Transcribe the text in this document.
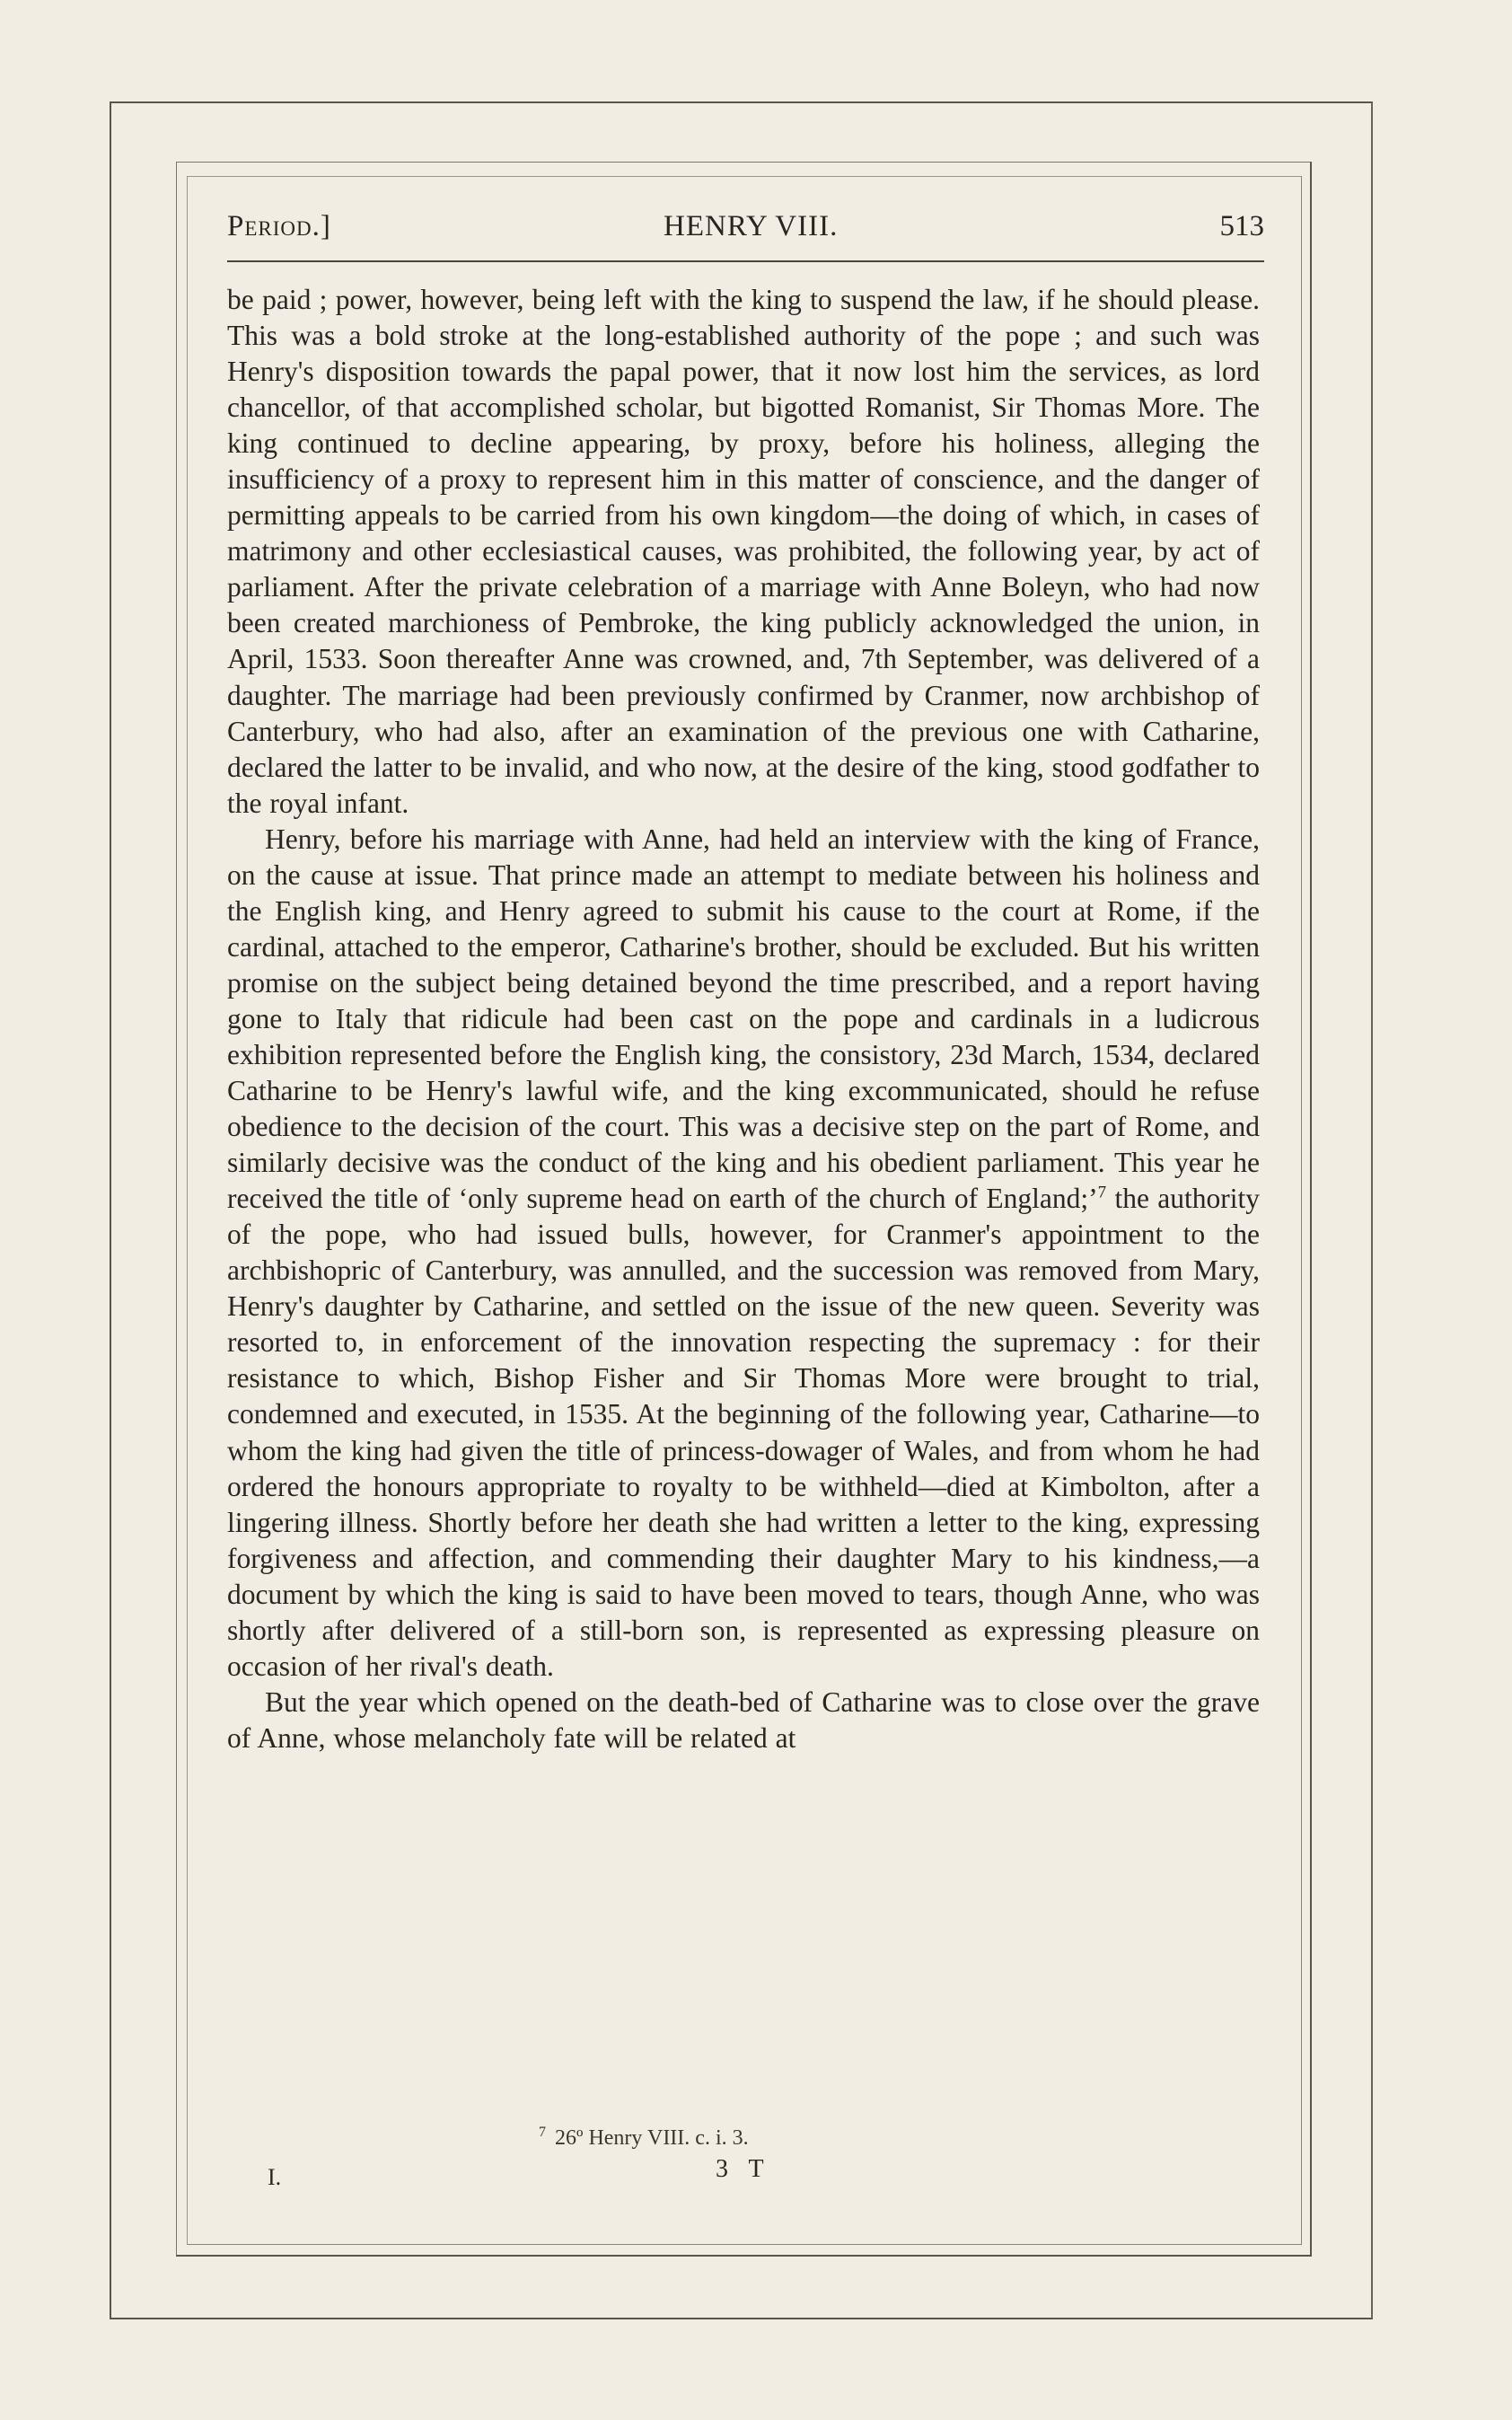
Period.]	HENRY VIII.	513

be paid ; power, however, being left with the king to suspend the law, if he should please. This was a bold stroke at the long-established authority of the pope ; and such was Henry's disposition towards the papal power, that it now lost him the services, as lord chancellor, of that accomplished scholar, but bigotted Romanist, Sir Thomas More. The king continued to decline appearing, by proxy, before his holiness, alleging the insufficiency of a proxy to represent him in this matter of conscience, and the danger of permitting appeals to be carried from his own kingdom—the doing of which, in cases of matrimony and other ecclesiastical causes, was prohibited, the following year, by act of parliament. After the private celebration of a marriage with Anne Boleyn, who had now been created marchioness of Pembroke, the king publicly acknowledged the union, in April, 1533. Soon thereafter Anne was crowned, and, 7th September, was delivered of a daughter. The marriage had been previously confirmed by Cranmer, now archbishop of Canterbury, who had also, after an examination of the previous one with Catharine, declared the latter to be invalid, and who now, at the desire of the king, stood godfather to the royal infant.

Henry, before his marriage with Anne, had held an interview with the king of France, on the cause at issue. That prince made an attempt to mediate between his holiness and the English king, and Henry agreed to submit his cause to the court at Rome, if the cardinal, attached to the emperor, Catharine's brother, should be excluded. But his written promise on the subject being detained beyond the time prescribed, and a report having gone to Italy that ridicule had been cast on the pope and cardinals in a ludicrous exhibition represented before the English king, the consistory, 23d March, 1534, declared Catharine to be Henry's lawful wife, and the king excommunicated, should he refuse obedience to the decision of the court. This was a decisive step on the part of Rome, and similarly decisive was the conduct of the king and his obedient parliament. This year he received the title of ‘only supreme head on earth of the church of England;’$^7$ the authority of the pope, who had issued bulls, however, for Cranmer's appointment to the archbishopric of Canterbury, was annulled, and the succession was removed from Mary, Henry's daughter by Catharine, and settled on the issue of the new queen. Severity was resorted to, in enforcement of the innovation respecting the supremacy : for their resistance to which, Bishop Fisher and Sir Thomas More were brought to trial, condemned and executed, in 1535. At the beginning of the following year, Catharine—to whom the king had given the title of princess-dowager of Wales, and from whom he had ordered the honours appropriate to royalty to be withheld—died at Kimbolton, after a lingering illness. Shortly before her death she had written a letter to the king, expressing forgiveness and affection, and commending their daughter Mary to his kindness,—a document by which the king is said to have been moved to tears, though Anne, who was shortly after delivered of a still-born son, is represented as expressing pleasure on occasion of her rival's death.

But the year which opened on the death-bed of Catharine was to close over the grave of Anne, whose melancholy fate will be related at

$^7$ 26º Henry VIII. c. i. 3.
I.	3 T
